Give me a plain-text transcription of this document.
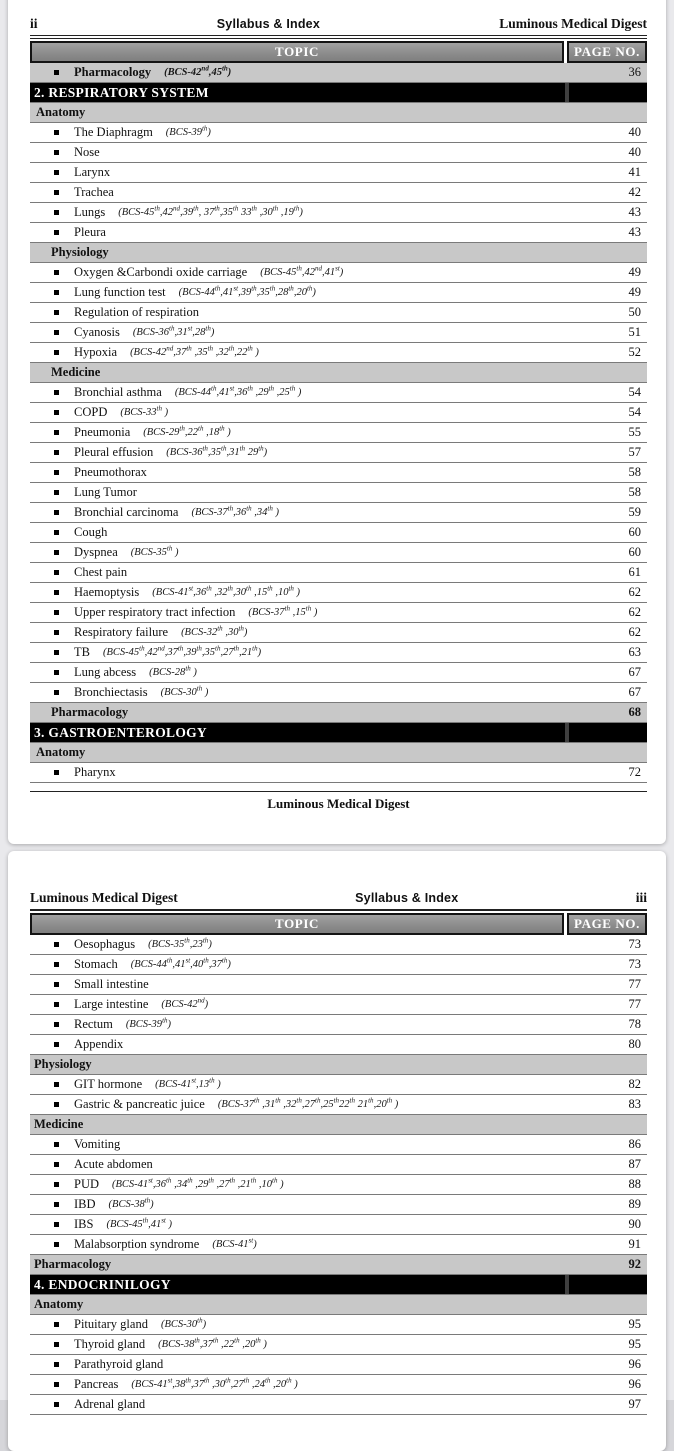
ii	Syllabus & Index	Luminous Medical Digest
TOPIC	PAGE NO.
Pharmacology (BCS-42nd,45th)	36
2. RESPIRATORY SYSTEM
Anatomy
The Diaphragm (BCS-39th)	40
Nose	40
Larynx	41
Trachea	42
Lungs (BCS-45th,42nd,39th, 37th,35th 33th ,30th ,19th)	43
Pleura	43
Physiology
Oxygen &Carbondi oxide carriage (BCS-45th,42nd,41st)	49
Lung function test (BCS-44th,41st,39th,35th,28th,20th)	49
Regulation of respiration	50
Cyanosis (BCS-36th,31st,28th)	51
Hypoxia (BCS-42nd,37th ,35th ,32th,22th )	52
Medicine
Bronchial asthma (BCS-44th,41st,36th ,29th ,25th )	54
COPD (BCS-33th )	54
Pneumonia (BCS-29th,22th ,18th )	55
Pleural effusion (BCS-36th,35th,31th 29th)	57
Pneumothorax	58
Lung Tumor	58
Bronchial carcinoma (BCS-37th,36th ,34th )	59
Cough	60
Dyspnea (BCS-35th )	60
Chest pain	61
Haemoptysis (BCS-41st,36th ,32th,30th ,15th ,10th )	62
Upper respiratory tract infection (BCS-37th ,15th )	62
Respiratory failure (BCS-32th ,30th)	62
TB (BCS-45th,42nd,37th,39th,35th,27th,21th)	63
Lung abcess (BCS-28th )	67
Bronchiectasis (BCS-30th )	67
Pharmacology	68
3. GASTROENTEROLOGY
Anatomy
Pharynx	72
Luminous Medical Digest
Luminous Medical Digest	Syllabus & Index	iii
TOPIC	PAGE NO.
Oesophagus (BCS-35th,23th)	73
Stomach (BCS-44th,41st,40th,37th)	73
Small intestine	77
Large intestine (BCS-42nd)	77
Rectum (BCS-39th)	78
Appendix	80
Physiology
GIT hormone (BCS-41st,13th )	82
Gastric & pancreatic juice (BCS-37th ,31th ,32th,27th,25th22th 21th,20th )	83
Medicine
Vomiting	86
Acute abdomen	87
PUD (BCS-41st,36th ,34th ,29th ,27th ,21th ,10th )	88
IBD (BCS-38th)	89
IBS (BCS-45th,41st )	90
Malabsorption syndrome (BCS-41st)	91
Pharmacology	92
4. ENDOCRINILOGY
Anatomy
Pituitary gland (BCS-30th)	95
Thyroid gland (BCS-38th,37th ,22th ,20th )	95
Parathyroid gland	96
Pancreas (BCS-41st,38th,37th ,30th,27th ,24th ,20th )	96
Adrenal gland	97
